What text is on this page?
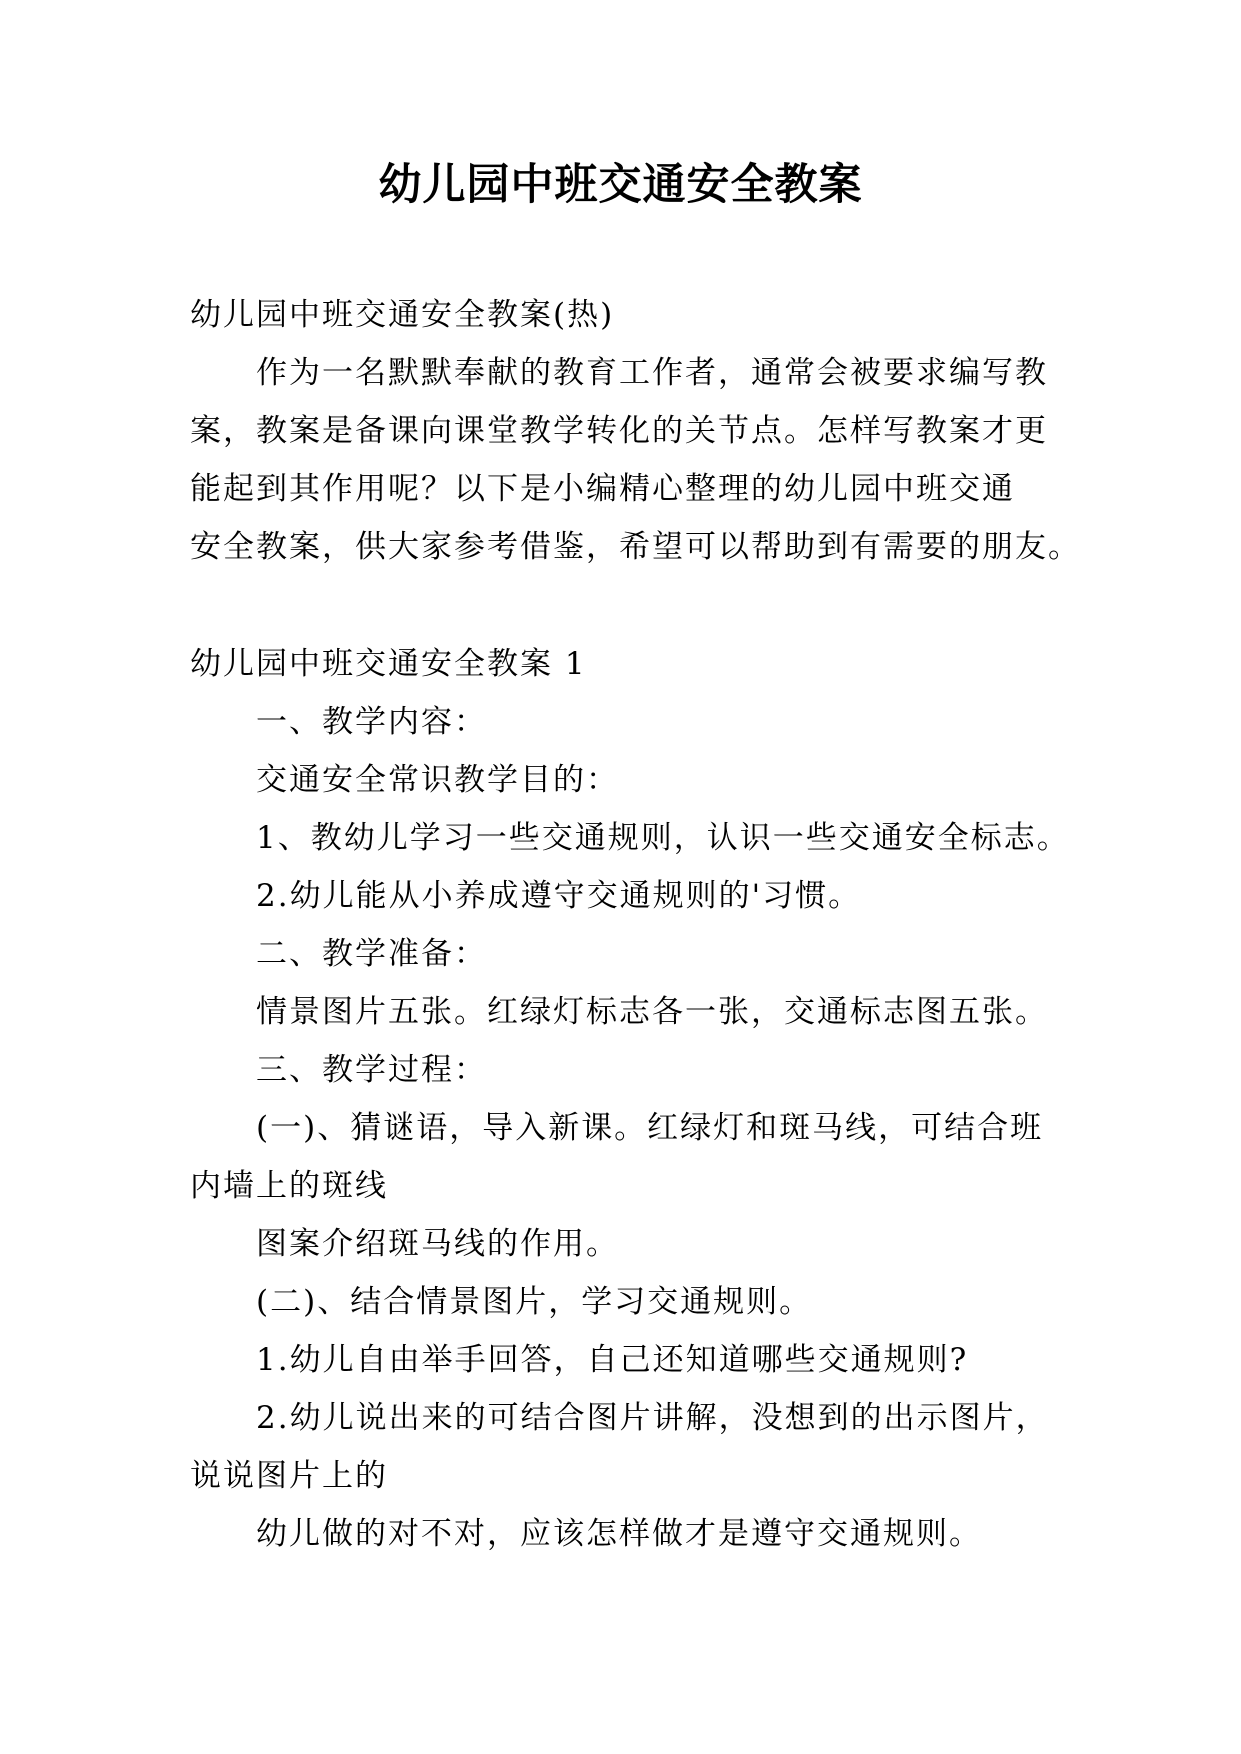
幼儿园中班交通安全教案
幼儿园中班交通安全教案(热)
作为一名默默奉献的教育工作者，通常会被要求编写教
案，教案是备课向课堂教学转化的关节点。怎样写教案才更
能起到其作用呢？以下是小编精心整理的幼儿园中班交通
安全教案，供大家参考借鉴，希望可以帮助到有需要的朋友。
幼儿园中班交通安全教案 1
一、教学内容：
交通安全常识教学目的：
1、教幼儿学习一些交通规则，认识一些交通安全标志。
2.幼儿能从小养成遵守交通规则的'习惯。
二、教学准备：
情景图片五张。红绿灯标志各一张，交通标志图五张。
三、教学过程：
(一)、猜谜语，导入新课。红绿灯和斑马线，可结合班
内墙上的斑线
图案介绍斑马线的作用。
(二)、结合情景图片，学习交通规则。
1.幼儿自由举手回答，自己还知道哪些交通规则?
2.幼儿说出来的可结合图片讲解，没想到的出示图片，
说说图片上的
幼儿做的对不对，应该怎样做才是遵守交通规则。
